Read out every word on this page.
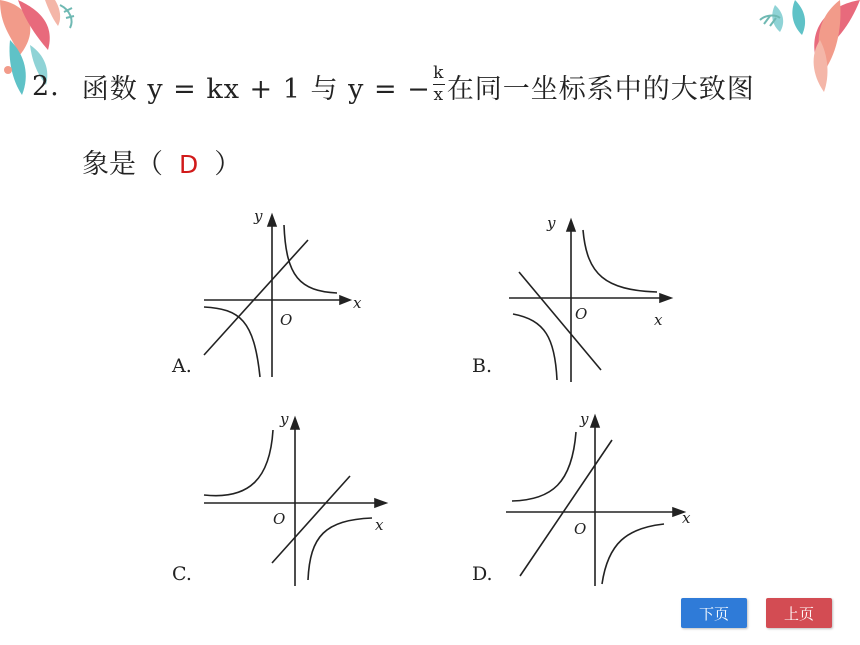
2. 函数 y = kx + 1 与 y = − $\frac{k}{x}$ 在同一坐标系中的大致图
象是（ D ）
y
x
O
A.
y
x
O
B.
y
x
O
C.
y
x
O
D.
下页	上页
